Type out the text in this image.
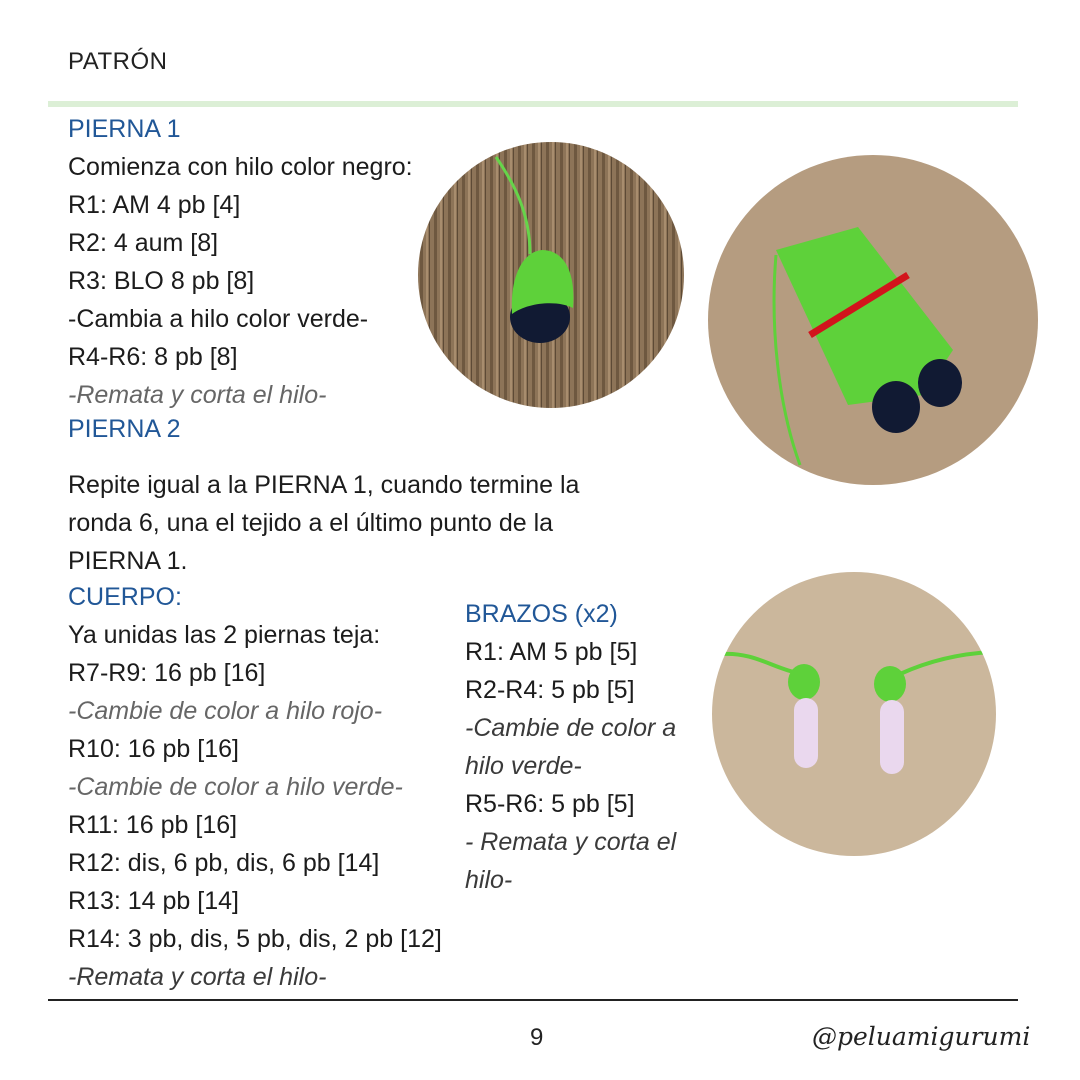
PATRÓN
PIERNA 1
Comienza con hilo color negro:
R1: AM 4 pb [4]
R2: 4 aum [8]
R3: BLO 8 pb [8]
-Cambia a hilo color verde-
R4-R6: 8 pb [8]
-Remata y corta el hilo-
PIERNA 2
Repite igual a la PIERNA 1, cuando termine la
ronda 6, una el tejido a el último punto de la
PIERNA 1.
CUERPO:
Ya unidas las 2 piernas teja:
R7-R9: 16 pb [16]
-Cambie de color a hilo rojo-
R10: 16 pb [16]
-Cambie de color a hilo verde-
R11: 16 pb [16]
R12: dis, 6 pb, dis, 6 pb [14]
R13: 14 pb [14]
R14: 3 pb, dis, 5 pb, dis, 2 pb [12]
-Remata y corta el hilo-
BRAZOS (x2)
R1: AM 5 pb [5]
R2-R4: 5 pb [5]
-Cambie de color a
hilo verde-
R5-R6: 5 pb [5]
- Remata y corta el
hilo-
9	@peluamigurumi
